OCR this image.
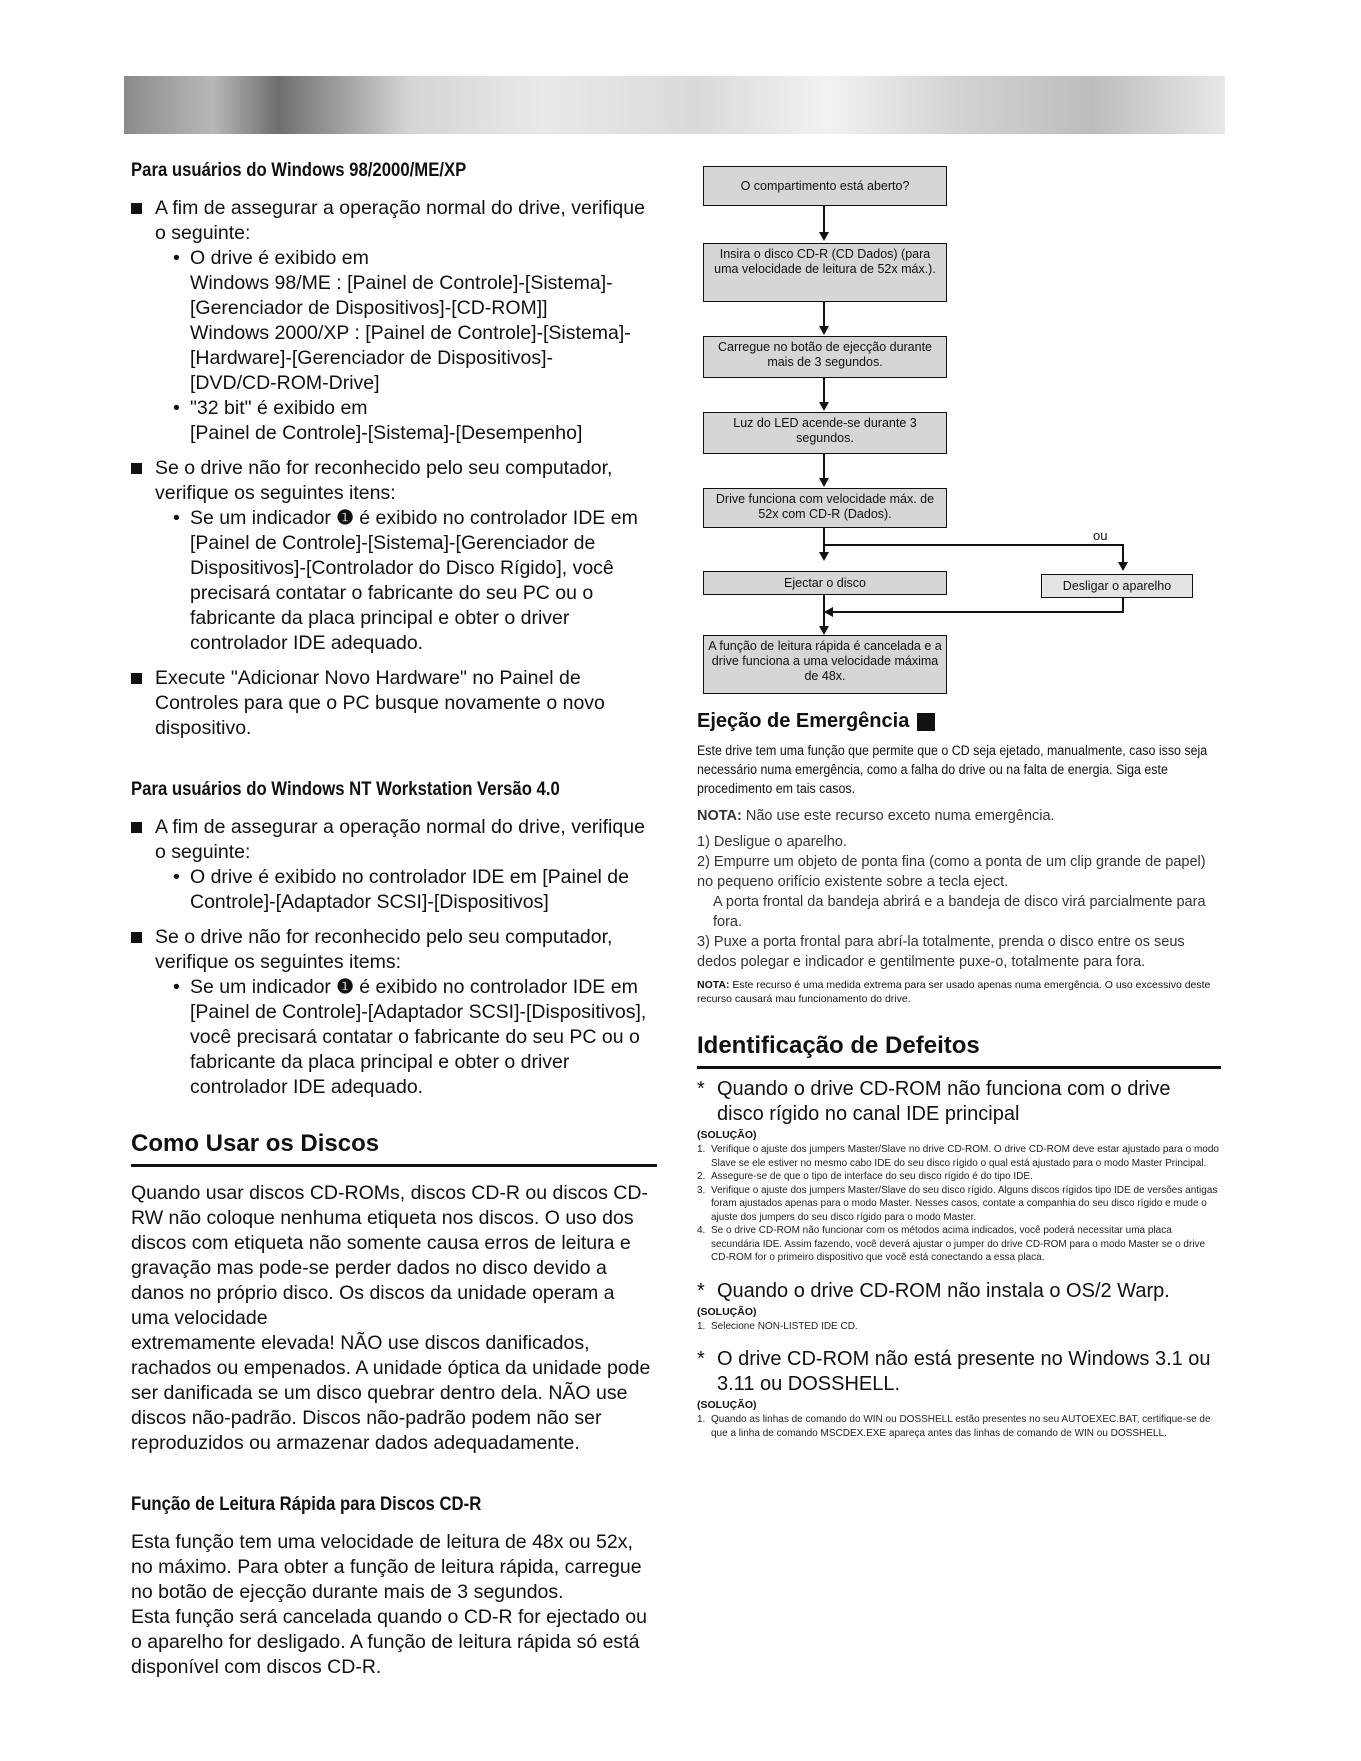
Para usuários do Windows 98/2000/ME/XP
A fim de assegurar a operação normal do drive, verifique o seguinte:
• O drive é exibido em
Windows 98/ME : [Painel de Controle]-[Sistema]-
[Gerenciador de Dispositivos]-[CD-ROM]]
Windows 2000/XP : [Painel de Controle]-[Sistema]-
[Hardware]-[Gerenciador de Dispositivos]-
[DVD/CD-ROM-Drive]
• "32 bit" é exibido em
[Painel de Controle]-[Sistema]-[Desempenho]
Se o drive não for reconhecido pelo seu computador, verifique os seguintes itens:
• Se um indicador ❶ é exibido no controlador IDE em [Painel de Controle]-[Sistema]-[Gerenciador de Dispositivos]-[Controlador do Disco Rígido], você precisará contatar o fabricante do seu PC ou o fabricante da placa principal e obter o driver controlador IDE adequado.
Execute "Adicionar Novo Hardware" no Painel de Controles para que o PC busque novamente o novo dispositivo.
Para usuários do Windows NT Workstation Versão 4.0
A fim de assegurar a operação normal do drive, verifique o seguinte:
• O drive é exibido no controlador IDE em [Painel de Controle]-[Adaptador SCSI]-[Dispositivos]
Se o drive não for reconhecido pelo seu computador, verifique os seguintes items:
• Se um indicador ❶ é exibido no controlador IDE em [Painel de Controle]-[Adaptador SCSI]-[Dispositivos], você precisará contatar o fabricante do seu PC ou o fabricante da placa principal e obter o driver controlador IDE adequado.
Como Usar os Discos

Quando usar discos CD-ROMs, discos CD-R ou discos CD-RW não coloque nenhuma etiqueta nos discos. O uso dos discos com etiqueta não somente causa erros de leitura e gravação mas pode-se perder dados no disco devido a danos no próprio disco. Os discos da unidade operam a uma velocidade

extremamente elevada! NÃO use discos danificados, rachados ou empenados. A unidade óptica da unidade pode ser danificada se um disco quebrar dentro dela. NÃO use discos não-padrão. Discos não-padrão podem não ser reproduzidos ou armazenar dados adequadamente.

Função de Leitura Rápida para Discos CD-R

Esta função tem uma velocidade de leitura de 48x ou 52x, no máximo. Para obter a função de leitura rápida, carregue no botão de ejecção durante mais de 3 segundos.

Esta função será cancelada quando o CD-R for ejectado ou o aparelho for desligado. A função de leitura rápida só está disponível com discos CD-R.

O compartimento está aberto?
Insira o disco CD-R (CD Dados) (para uma velocidade de leitura de 52x máx.).
Carregue no botão de ejecção durante mais de 3 segundos.
Luz do LED acende-se durante 3 segundos.
Drive funciona com velocidade máx. de 52x com CD-R (Dados).
ou
Ejectar o disco	Desligar o aparelho
A função de leitura rápida é cancelada e a drive funciona a uma velocidade máxima de 48x.
Ejeção de Emergência
Este drive tem uma função que permite que o CD seja ejetado, manualmente, caso isso seja necessário numa emergência, como a falha do drive ou na falta de energia. Siga este procedimento em tais casos.
NOTA: Não use este recurso exceto numa emergência.
1) Desligue o aparelho.
2) Empurre um objeto de ponta fina (como a ponta de um clip grande de papel) no pequeno orifício existente sobre a tecla eject.
A porta frontal da bandeja abrirá e a bandeja de disco virá parcialmente para fora.
3) Puxe a porta frontal para abrí-la totalmente, prenda o disco entre os seus dedos polegar e indicador e gentilmente puxe-o, totalmente para fora.
NOTA: Este recurso é uma medida extrema para ser usado apenas numa emergência. O uso excessivo deste recurso causará mau funcionamento do drive.
Identificação de Defeitos
* Quando o drive CD-ROM não funciona com o drive disco rígido no canal IDE principal
(SOLUÇÃO)
1. Verifique o ajuste dos jumpers Master/Slave no drive CD-ROM. O drive CD-ROM deve estar ajustado para o modo Slave se ele estiver no mesmo cabo IDE do seu disco rígido o qual está ajustado para o modo Master Principal.
2. Assegure-se de que o tipo de interface do seu disco rígido é do tipo IDE.
3. Verifique o ajuste dos jumpers Master/Slave do seu disco rígido. Alguns discos rígidos tipo IDE de versões antigas foram ajustados apenas para o modo Master. Nesses casos, contate a companhia do seu disco rígido e mude o ajuste dos jumpers do seu disco rígido para o modo Master.
4. Se o drive CD-ROM não funcionar com os métodos acima indicados, você poderá necessitar uma placa secundária IDE. Assim fazendo, você deverá ajustar o jumper do drive CD-ROM para o modo Master se o drive CD-ROM for o primeiro dispositivo que você está conectando a essa placa.
* Quando o drive CD-ROM não instala o OS/2 Warp.
(SOLUÇÃO)
1. Selecione NON-LISTED IDE CD.
* O drive CD-ROM não está presente no Windows 3.1 ou 3.11 ou DOSSHELL.
(SOLUÇÃO)
1. Quando as linhas de comando do WIN ou DOSSHELL estão presentes no seu AUTOEXEC.BAT, certifique-se de que a linha de comando MSCDEX.EXE apareça antes das linhas de comando de WIN ou DOSSHELL.
